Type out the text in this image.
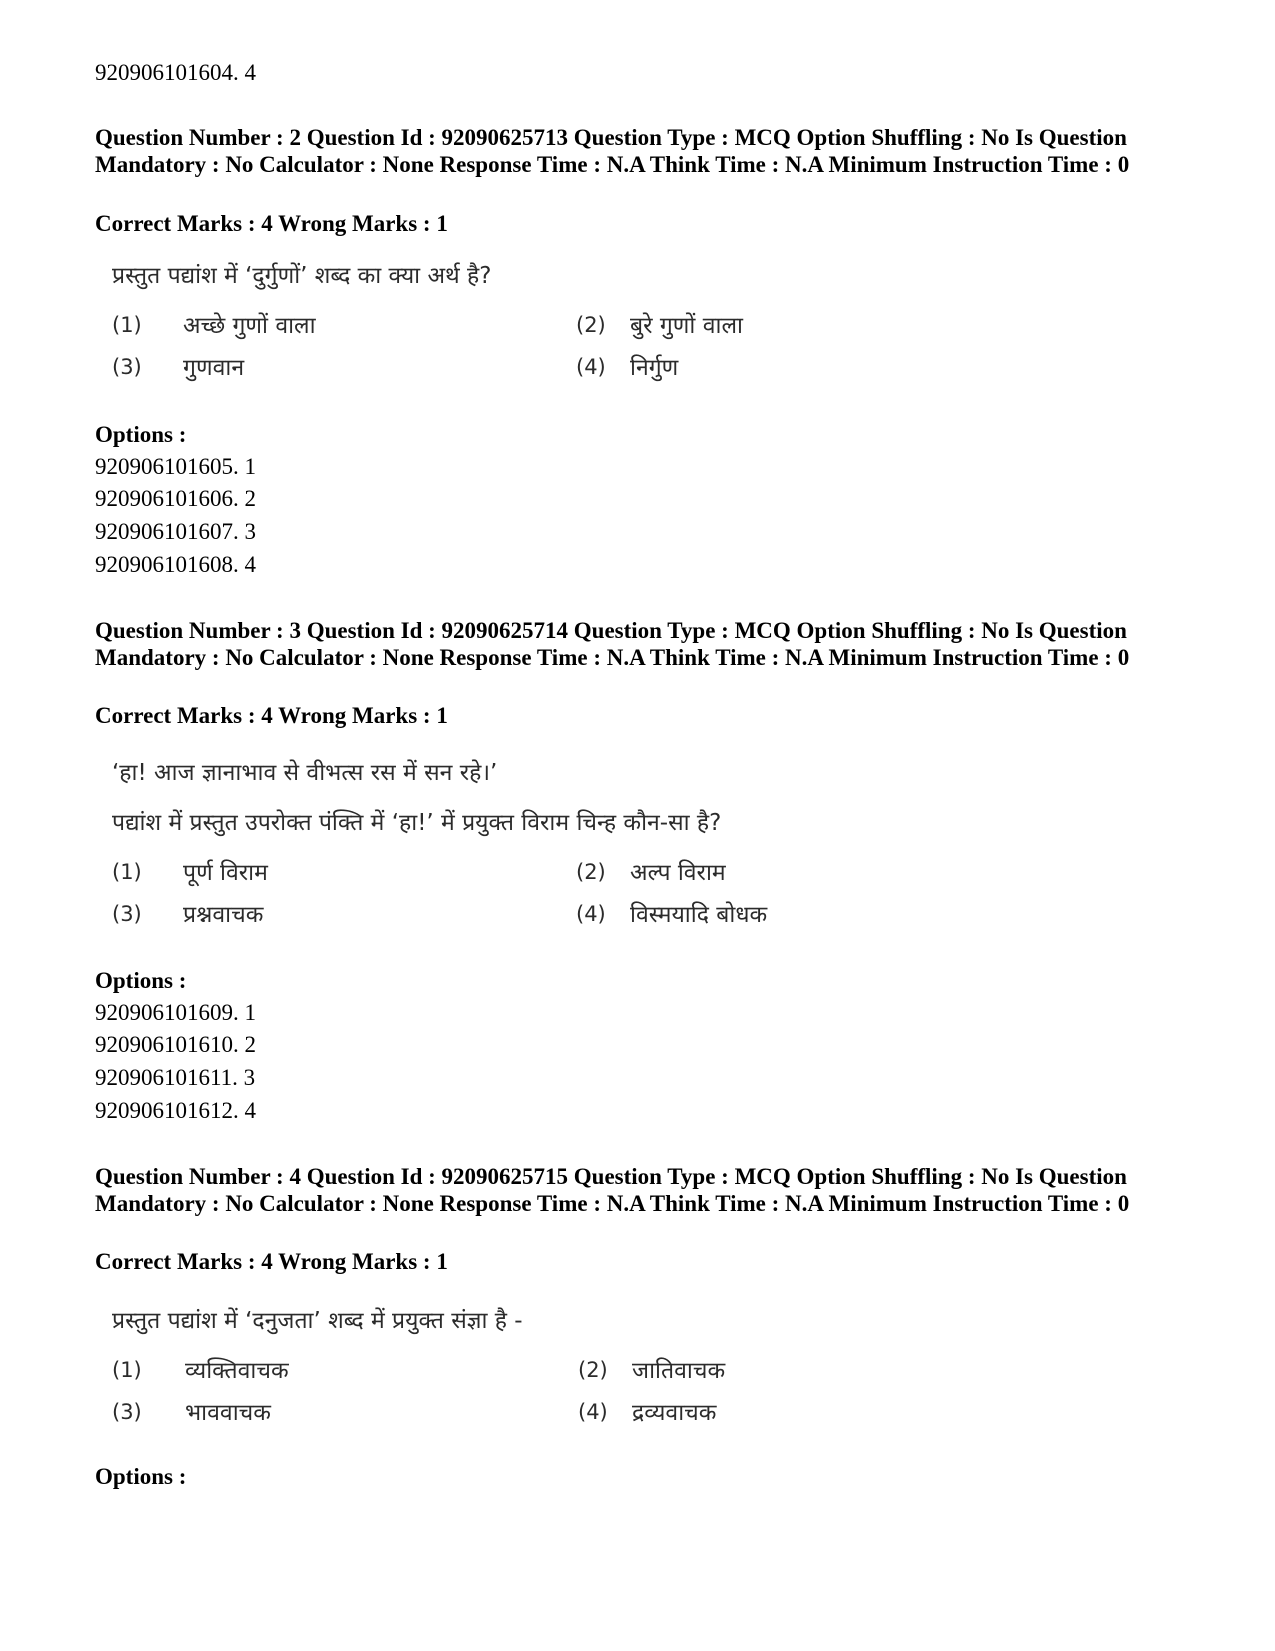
920906101604. 4
Question Number : 2 Question Id : 92090625713 Question Type : MCQ Option Shuffling : No Is Question Mandatory : No Calculator : None Response Time : N.A Think Time : N.A Minimum Instruction Time : 0
Correct Marks : 4 Wrong Marks : 1
प्रस्तुत पद्यांश में ‘दुर्गुणों’ शब्द का क्या अर्थ है?
(1) अच्छे गुणों वाला	(2) बुरे गुणों वाला
(3) गुणवान	(4) निर्गुण
Options :
920906101605. 1
920906101606. 2
920906101607. 3
920906101608. 4
Question Number : 3 Question Id : 92090625714 Question Type : MCQ Option Shuffling : No Is Question Mandatory : No Calculator : None Response Time : N.A Think Time : N.A Minimum Instruction Time : 0
Correct Marks : 4 Wrong Marks : 1
‘हा! आज ज्ञानाभाव से वीभत्स रस में सन रहे।’
पद्यांश में प्रस्तुत उपरोक्त पंक्ति में ‘हा!’ में प्रयुक्त विराम चिन्ह कौन-सा है?
(1) पूर्ण विराम	(2) अल्प विराम
(3) प्रश्नवाचक	(4) विस्मयादि बोधक
Options :
920906101609. 1
920906101610. 2
920906101611. 3
920906101612. 4
Question Number : 4 Question Id : 92090625715 Question Type : MCQ Option Shuffling : No Is Question Mandatory : No Calculator : None Response Time : N.A Think Time : N.A Minimum Instruction Time : 0
Correct Marks : 4 Wrong Marks : 1
प्रस्तुत पद्यांश में ‘दनुजता’ शब्द में प्रयुक्त संज्ञा है -
(1) व्यक्तिवाचक	(2) जातिवाचक
(3) भाववाचक	(4) द्रव्यवाचक
Options :
